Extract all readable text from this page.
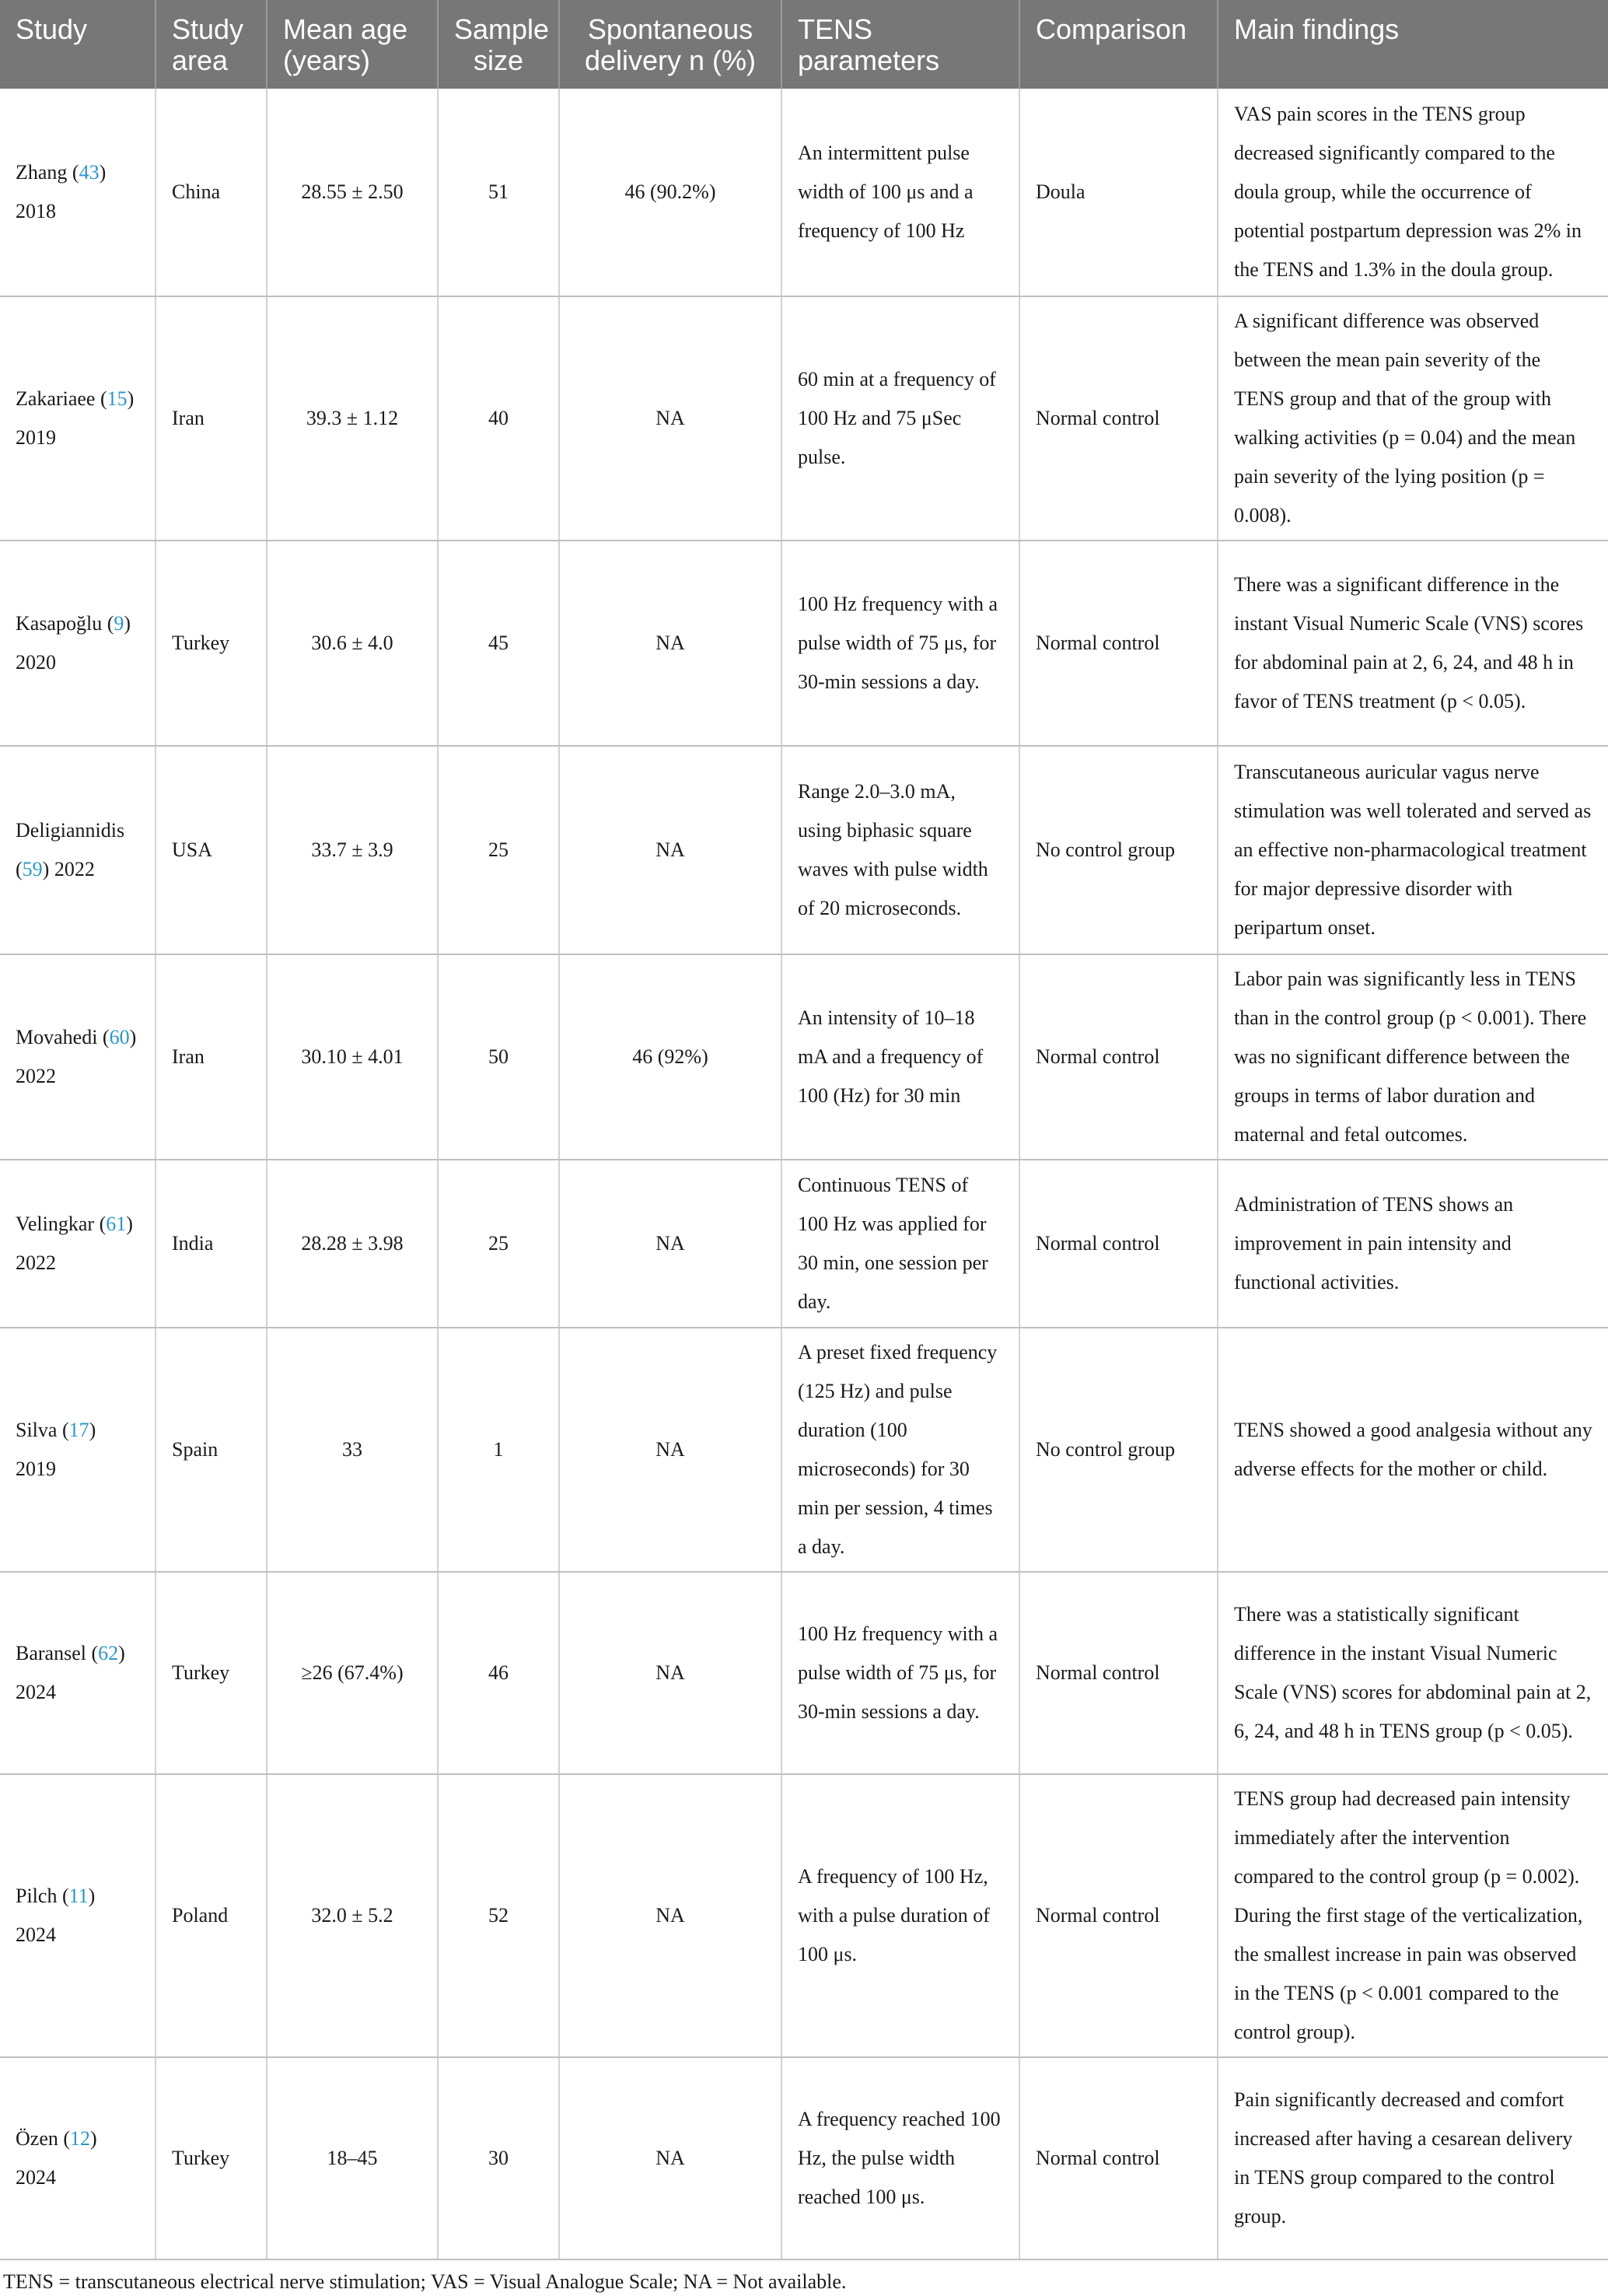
Study	Study area	Mean age (years)	Sample size	Spontaneous delivery n (%)	TENS parameters	Comparison	Main findings
Zhang (43) 2018	China	28.55 ± 2.50	51	46 (90.2%)	An intermittent pulse width of 100 μs and a frequency of 100 Hz	Doula	VAS pain scores in the TENS group decreased significantly compared to the doula group, while the occurrence of potential postpartum depression was 2% in the TENS and 1.3% in the doula group.
Zakariaee (15) 2019	Iran	39.3 ± 1.12	40	NA	60 min at a frequency of 100 Hz and 75 μSec pulse.	Normal control	A significant difference was observed between the mean pain severity of the TENS group and that of the group with walking activities (p = 0.04) and the mean pain severity of the lying position (p = 0.008).
Kasapoğlu (9) 2020	Turkey	30.6 ± 4.0	45	NA	100 Hz frequency with a pulse width of 75 μs, for 30-min sessions a day.	Normal control	There was a significant difference in the instant Visual Numeric Scale (VNS) scores for abdominal pain at 2, 6, 24, and 48 h in favor of TENS treatment (p < 0.05).
Deligiannidis (59) 2022	USA	33.7 ± 3.9	25	NA	Range 2.0–3.0 mA, using biphasic square waves with pulse width of 20 microseconds.	No control group	Transcutaneous auricular vagus nerve stimulation was well tolerated and served as an effective non-pharmacological treatment for major depressive disorder with peripartum onset.
Movahedi (60) 2022	Iran	30.10 ± 4.01	50	46 (92%)	An intensity of 10–18 mA and a frequency of 100 (Hz) for 30 min	Normal control	Labor pain was significantly less in TENS than in the control group (p < 0.001). There was no significant difference between the groups in terms of labor duration and maternal and fetal outcomes.
Velingkar (61) 2022	India	28.28 ± 3.98	25	NA	Continuous TENS of 100 Hz was applied for 30 min, one session per day.	Normal control	Administration of TENS shows an improvement in pain intensity and functional activities.
Silva (17) 2019	Spain	33	1	NA	A preset fixed frequency (125 Hz) and pulse duration (100 microseconds) for 30 min per session, 4 times a day.	No control group	TENS showed a good analgesia without any adverse effects for the mother or child.
Baransel (62) 2024	Turkey	≥26 (67.4%)	46	NA	100 Hz frequency with a pulse width of 75 μs, for 30-min sessions a day.	Normal control	There was a statistically significant difference in the instant Visual Numeric Scale (VNS) scores for abdominal pain at 2, 6, 24, and 48 h in TENS group (p < 0.05).
Pilch (11) 2024	Poland	32.0 ± 5.2	52	NA	A frequency of 100 Hz, with a pulse duration of 100 μs.	Normal control	TENS group had decreased pain intensity immediately after the intervention compared to the control group (p = 0.002). During the first stage of the verticalization, the smallest increase in pain was observed in the TENS (p < 0.001 compared to the control group).
Özen (12) 2024	Turkey	18–45	30	NA	A frequency reached 100 Hz, the pulse width reached 100 μs.	Normal control	Pain significantly decreased and comfort increased after having a cesarean delivery in TENS group compared to the control group.
TENS = transcutaneous electrical nerve stimulation; VAS = Visual Analogue Scale; NA = Not available.
